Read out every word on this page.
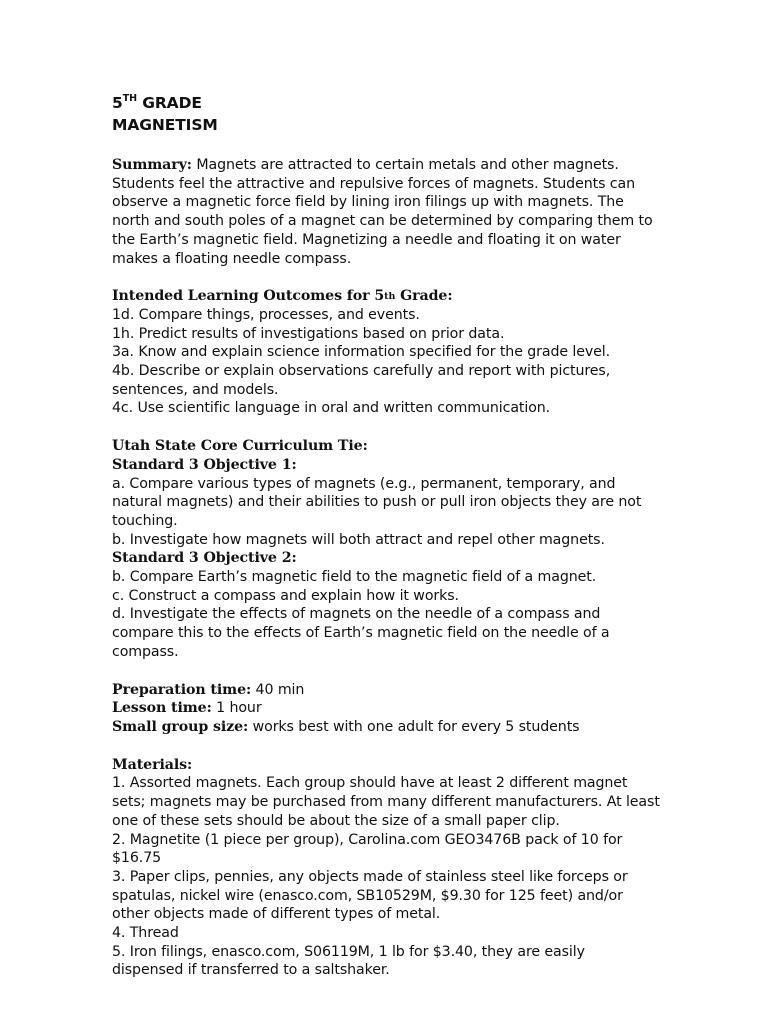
5TH GRADE
MAGNETISM

Summary: Magnets are attracted to certain metals and other magnets. Students feel the attractive and repulsive forces of magnets. Students can observe a magnetic force field by lining iron filings up with magnets. The north and south poles of a magnet can be determined by comparing them to the Earth’s magnetic field. Magnetizing a needle and floating it on water makes a floating needle compass.

Intended Learning Outcomes for 5th Grade:

1d. Compare things, processes, and events.

1h. Predict results of investigations based on prior data.

3a. Know and explain science information specified for the grade level.

4b. Describe or explain observations carefully and report with pictures, sentences, and models.

4c. Use scientific language in oral and written communication.

Utah State Core Curriculum Tie:

Standard 3 Objective 1:

a. Compare various types of magnets (e.g., permanent, temporary, and natural magnets) and their abilities to push or pull iron objects they are not touching.

b. Investigate how magnets will both attract and repel other magnets.

Standard 3 Objective 2:

b. Compare Earth’s magnetic field to the magnetic field of a magnet.

c. Construct a compass and explain how it works.

d. Investigate the effects of magnets on the needle of a compass and compare this to the effects of Earth’s magnetic field on the needle of a compass.

Preparation time: 40 min

Lesson time: 1 hour

Small group size: works best with one adult for every 5 students

Materials:

1. Assorted magnets. Each group should have at least 2 different magnet sets; magnets may be purchased from many different manufacturers. At least one of these sets should be about the size of a small paper clip.

2. Magnetite (1 piece per group), Carolina.com GEO3476B pack of 10 for $16.75

3. Paper clips, pennies, any objects made of stainless steel like forceps or spatulas, nickel wire (enasco.com, SB10529M, $9.30 for 125 feet) and/or other objects made of different types of metal.

4. Thread

5. Iron filings, enasco.com, S06119M, 1 lb for $3.40, they are easily dispensed if transferred to a saltshaker.
